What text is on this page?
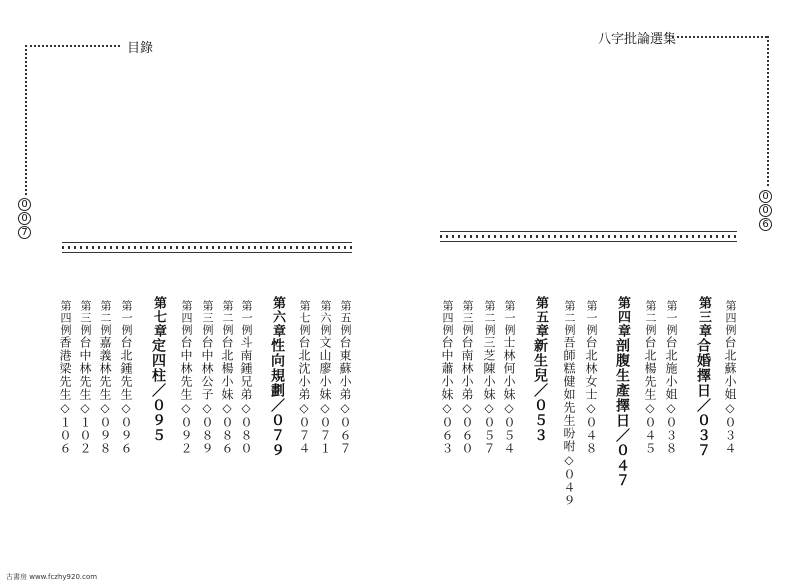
目錄
0
0
7
八字批論選集
0
0
6
第四例台北蘇小姐◇０３４
第三章合婚擇日／０３７
第一例台北施小姐◇０３８
第二例台北楊先生◇０４５
第四章剖腹生產擇日／０４７
第一例台北林女士◇０４８
第二例吾師糕健如先生吩咐◇０４９
第五章新生兒／０５３
第一例士林何小妹◇０５４
第二例三芝陳小妹◇０５７
第三例台南林小弟◇０６０
第四例台中蕭小妹◇０６３
第五例台東蘇小弟◇０６７
第六例文山廖小妹◇０７１
第七例台北沈小弟◇０７４
第六章性向規劃／０７９
第一例斗南鍾兄弟◇０８０
第二例台北楊小妹◇０８６
第三例台中林公子◇０８９
第四例台中林先生◇０９２
第七章定四柱／０９５
第一例台北鍾先生◇０９６
第二例嘉義林先生◇０９８
第三例台中林先生◇１０２
第四例香港梁先生◇１０６
古書房 www.fczhy920.com
